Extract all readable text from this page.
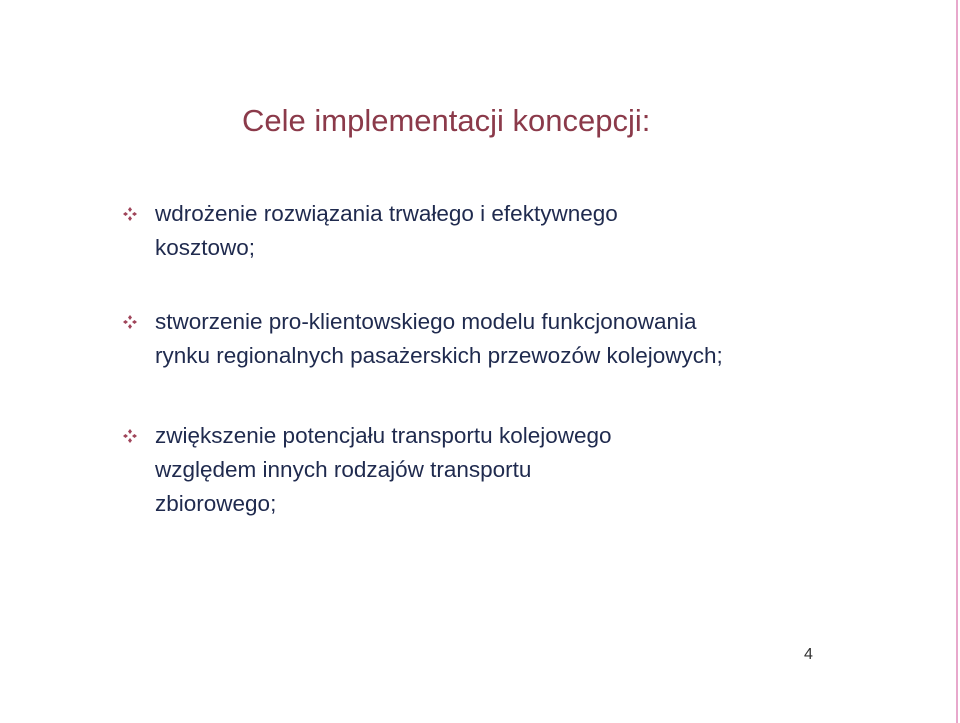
Cele implementacji koncepcji:
wdrożenie rozwiązania trwałego i efektywnego
kosztowo;
stworzenie pro-klientowskiego modelu funkcjonowania
rynku regionalnych pasażerskich przewozów kolejowych;
zwiększenie potencjału transportu kolejowego
względem innych rodzajów transportu
zbiorowego;
4
